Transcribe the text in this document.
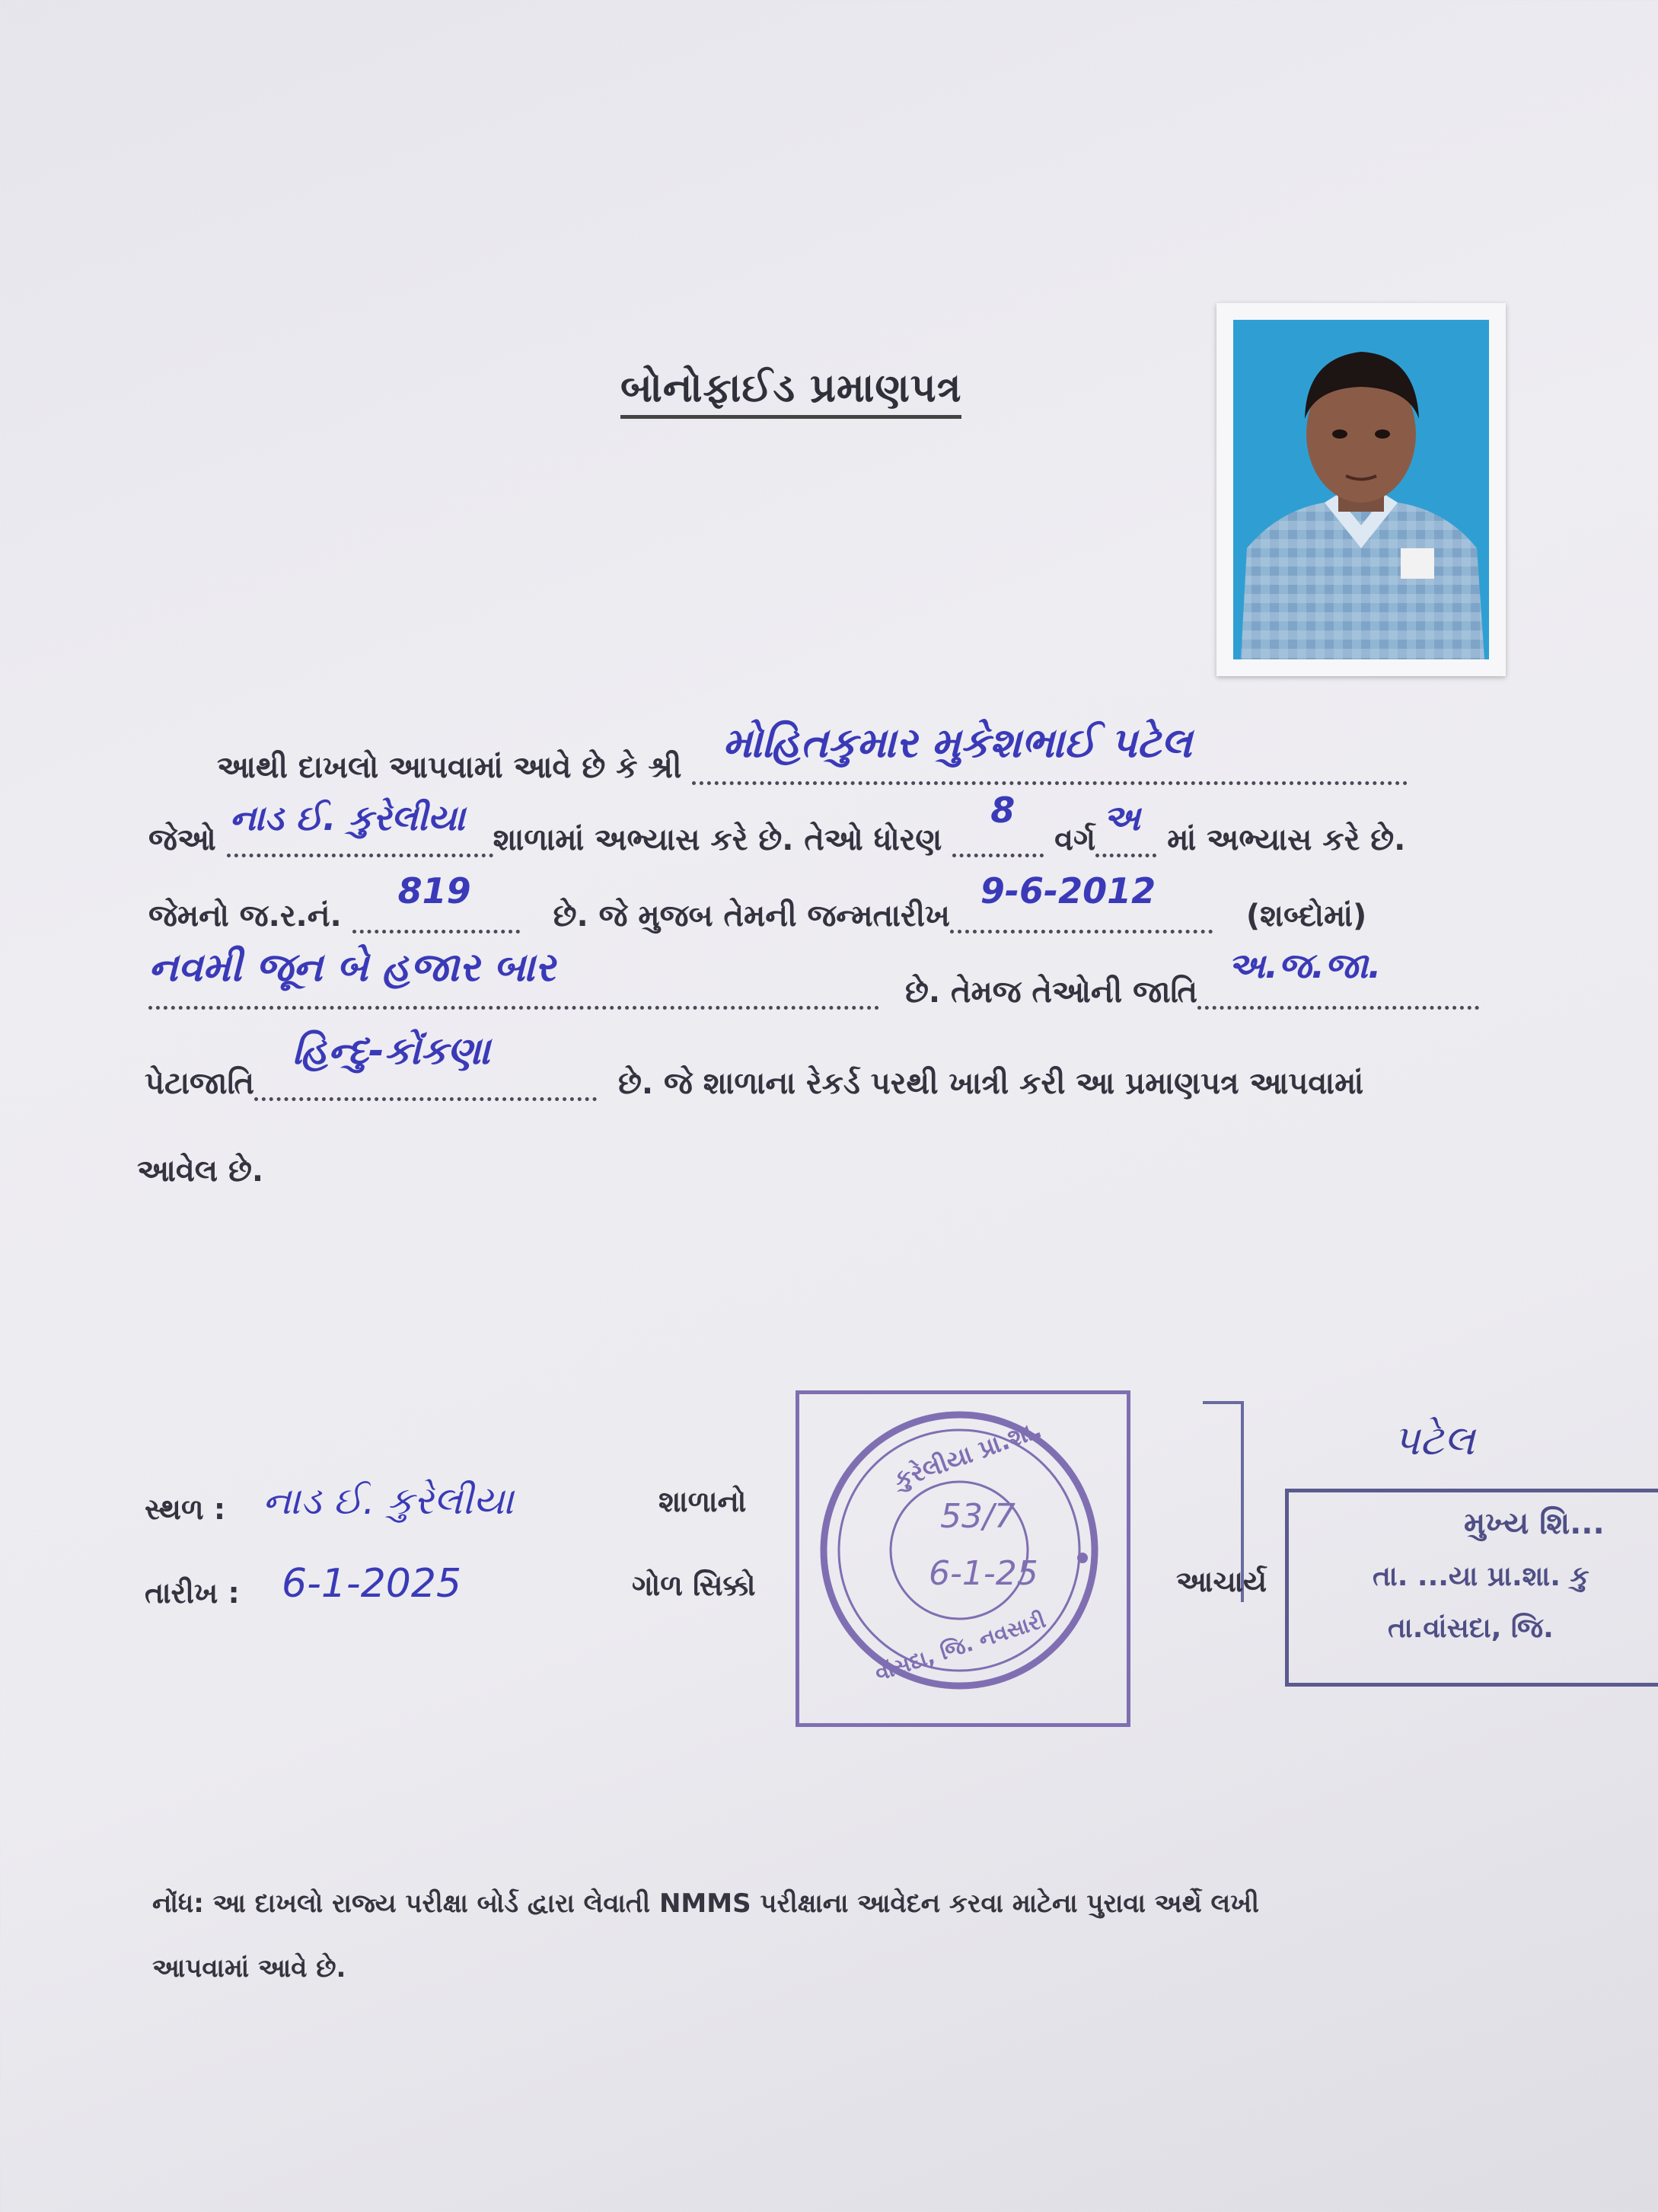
બોનોફાઈડ પ્રમાણપત્ર
આથી દાખલો આપવામાં આવે છે કે શ્રી
મોહિતકુમાર મુકેશભાઈ પટેલ
જેઓ
નાડ ઈ. કુરેલીયા
શાળામાં અભ્યાસ કરે છે. તેઓ ધોરણ
8
વર્ગ
અ
માં અભ્યાસ કરે છે.
જેમનો જ.ર.નં.
819
છે. જે મુજબ તેમની જન્મતારીખ
9-6-2012
(શબ્દોમાં)
નવમી જૂન બે હજાર બાર
છે. તેમજ તેઓની જાતિ
અ.જ.જા.
પેટાજાતિ
હિન્દુ-કોંકણા
છે. જે શાળાના રેકર્ડ પરથી ખાત્રી કરી આ પ્રમાણપત્ર આપવામાં
આવેલ છે.
સ્થળ : નાડ ઈ. કુરેલીયા
તારીખ : 6-1-2025
શાળાનો
ગોળ સિક્કો
કુરેલીયા પ્રા.શા.
53/7
6-1-25
વાંસદા, જિ. નવસારી
આચાર્ય
પટેલ
મુખ્ય શિ...
તા. ...યા પ્રા.શા. કુ
તા.વાંસદા, જિ.
નોંધ: આ દાખલો રાજ્ય પરીક્ષા બોર્ડ દ્વારા લેવાતી NMMS પરીક્ષાના આવેદન કરવા માટેના પુરાવા અર્થે લખી
આપવામાં આવે છે.
